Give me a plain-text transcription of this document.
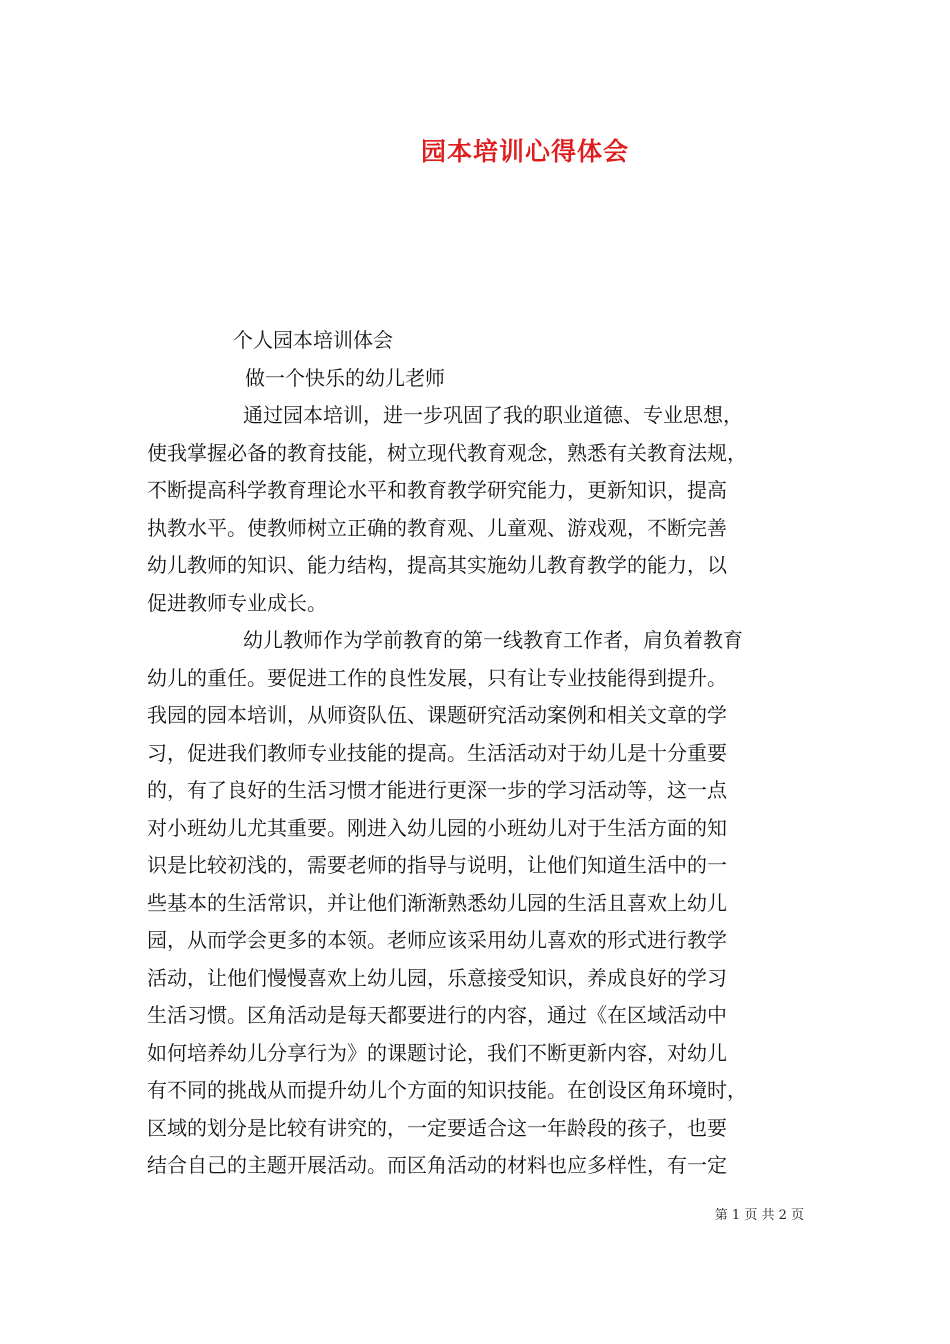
园本培训心得体会
个人园本培训体会
做一个快乐的幼儿老师
通过园本培训，进一步巩固了我的职业道德、专业思想，
使我掌握必备的教育技能，树立现代教育观念，熟悉有关教育法规，
不断提高科学教育理论水平和教育教学研究能力，更新知识，提高
执教水平。使教师树立正确的教育观、儿童观、游戏观，不断完善
幼儿教师的知识、能力结构，提高其实施幼儿教育教学的能力，以
促进教师专业成长。
幼儿教师作为学前教育的第一线教育工作者，肩负着教育
幼儿的重任。要促进工作的良性发展，只有让专业技能得到提升。
我园的园本培训，从师资队伍、课题研究活动案例和相关文章的学
习，促进我们教师专业技能的提高。生活活动对于幼儿是十分重要
的，有了良好的生活习惯才能进行更深一步的学习活动等，这一点
对小班幼儿尤其重要。刚进入幼儿园的小班幼儿对于生活方面的知
识是比较初浅的，需要老师的指导与说明，让他们知道生活中的一
些基本的生活常识，并让他们渐渐熟悉幼儿园的生活且喜欢上幼儿
园，从而学会更多的本领。老师应该采用幼儿喜欢的形式进行教学
活动，让他们慢慢喜欢上幼儿园，乐意接受知识，养成良好的学习
生活习惯。区角活动是每天都要进行的内容，通过《在区域活动中
如何培养幼儿分享行为》的课题讨论，我们不断更新内容，对幼儿
有不同的挑战从而提升幼儿个方面的知识技能。在创设区角环境时，
区域的划分是比较有讲究的，一定要适合这一年龄段的孩子，也要
结合自己的主题开展活动。而区角活动的材料也应多样性，有一定
第 1 页 共 2 页
